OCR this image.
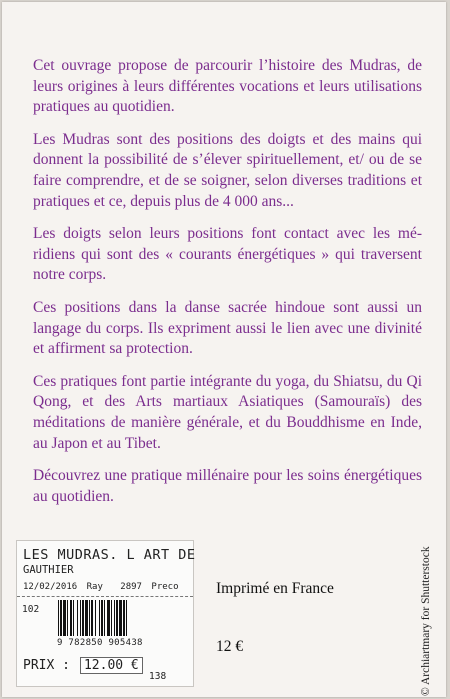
Cet ouvrage propose de parcourir l’histoire des Mudras, de leurs origines à leurs différentes vocations et leurs utilisations pratiques au quotidien.

Les Mudras sont des positions des doigts et des mains qui donnent la possibilité de s’élever spirituellement, et/ ou de se faire comprendre, et de se soigner, selon diverses traditions et pratiques et ce, depuis plus de 4 000 ans...

Les doigts selon leurs positions font contact avec les méridiens qui sont des « courants énergétiques » qui traversent notre corps.

Ces positions dans la danse sacrée hindoue sont aussi un langage du corps. Ils expriment aussi le lien avec une divinité et affirment sa protection.

Ces pratiques font partie intégrante du yoga, du Shiatsu, du Qi Qong, et des Arts martiaux Asiatiques (Samouraïs) des méditations de manière générale, et du Bouddhisme en Inde, au Japon et au Tibet.

Découvrez une pratique millénaire pour les soins énergétiques au quotidien.

© Archiartmary for Shutterstock
Imprimé en France
12 €
LES MUDRAS. L ART DE
GAUTHIER
12/02/2016 Ray 2897 Preco
102
9 782850 905438
PRIX : 12.00 €
138
